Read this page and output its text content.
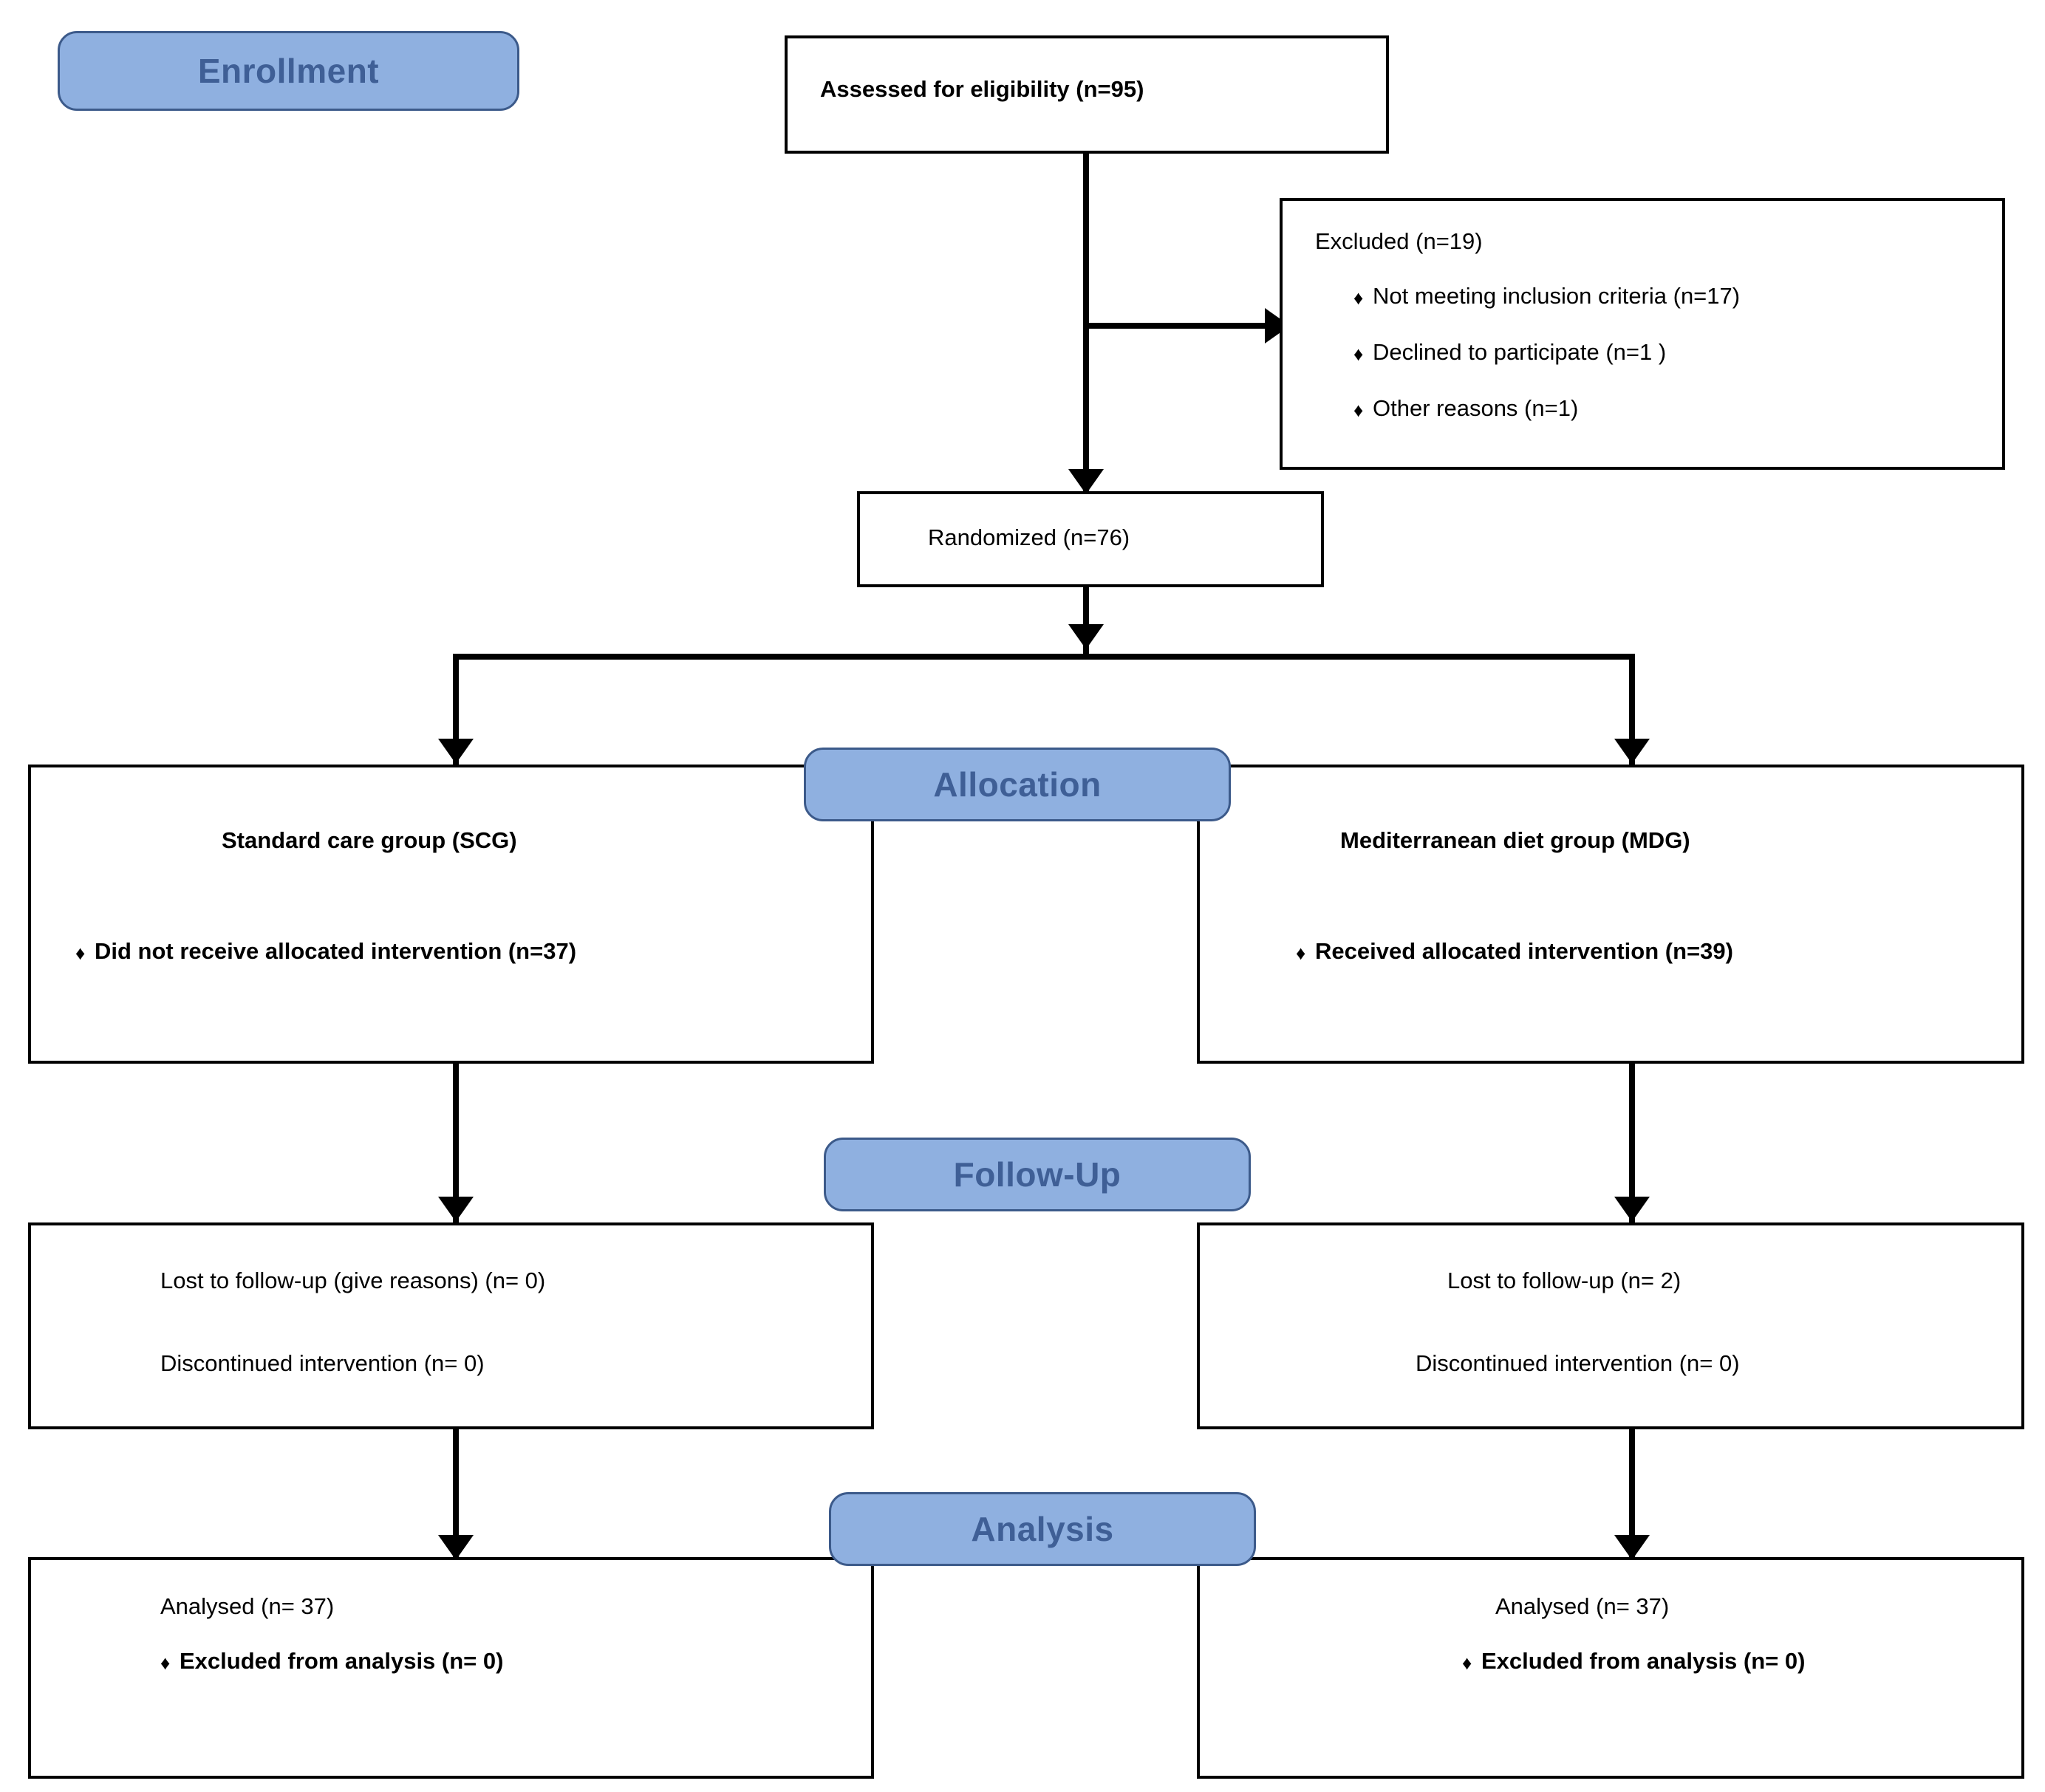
Enrollment
Allocation
Follow-Up
Analysis
Assessed for eligibility (n=95)
Excluded (n=19)
♦ Not meeting inclusion criteria (n=17)
♦ Declined to participate (n=1 )
♦ Other reasons (n=1)
Randomized (n=76)
Standard care group (SCG)
♦ Did not receive allocated intervention (n=37)
Mediterranean diet group (MDG)
♦ Received allocated intervention (n=39)
Lost to follow-up (give reasons) (n= 0)
Discontinued intervention (n= 0)
Lost to follow-up (n= 2)
Discontinued intervention (n= 0)
Analysed (n= 37)
♦ Excluded from analysis (n= 0)
Analysed (n= 37)
♦ Excluded from analysis (n= 0)
